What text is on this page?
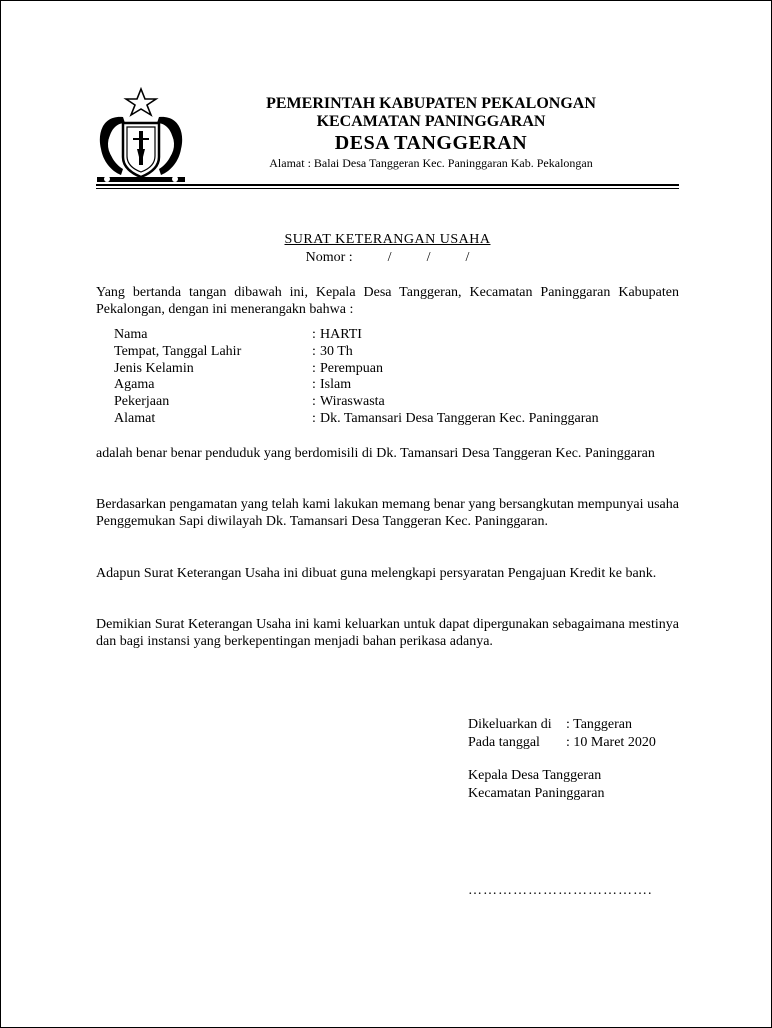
PEMERINTAH KABUPATEN PEKALONGAN
KECAMATAN PANINGGARAN
DESA TANGGERAN
Alamat : Balai Desa Tanggeran Kec. Paninggaran Kab. Pekalongan
SURAT KETERANGAN USAHA
Nomor :          /          /          /
Yang bertanda tangan dibawah ini, Kepala Desa Tanggeran, Kecamatan Paninggaran Kabupaten Pekalongan, dengan ini menerangakn bahwa :
Nama	: HARTI
Tempat, Tanggal Lahir	: 30 Th
Jenis Kelamin	: Perempuan
Agama	: Islam
Pekerjaan	: Wiraswasta
Alamat	: Dk. Tamansari Desa Tanggeran Kec. Paninggaran
adalah benar benar penduduk yang berdomisili di Dk. Tamansari Desa Tanggeran Kec. Paninggaran
Berdasarkan pengamatan yang telah kami lakukan memang benar yang bersangkutan mempunyai usaha Penggemukan Sapi diwilayah Dk. Tamansari Desa Tanggeran Kec. Paninggaran.
Adapun Surat Keterangan Usaha ini dibuat guna melengkapi persyaratan Pengajuan Kredit ke bank.
Demikian Surat Keterangan Usaha ini kami keluarkan untuk dapat dipergunakan sebagaimana mestinya dan bagi instansi yang berkepentingan menjadi bahan perikasa adanya.
Dikeluarkan di	: Tanggeran
Pada tanggal	: 10 Maret 2020
Kepala Desa Tanggeran
Kecamatan Paninggaran
……………………………….
